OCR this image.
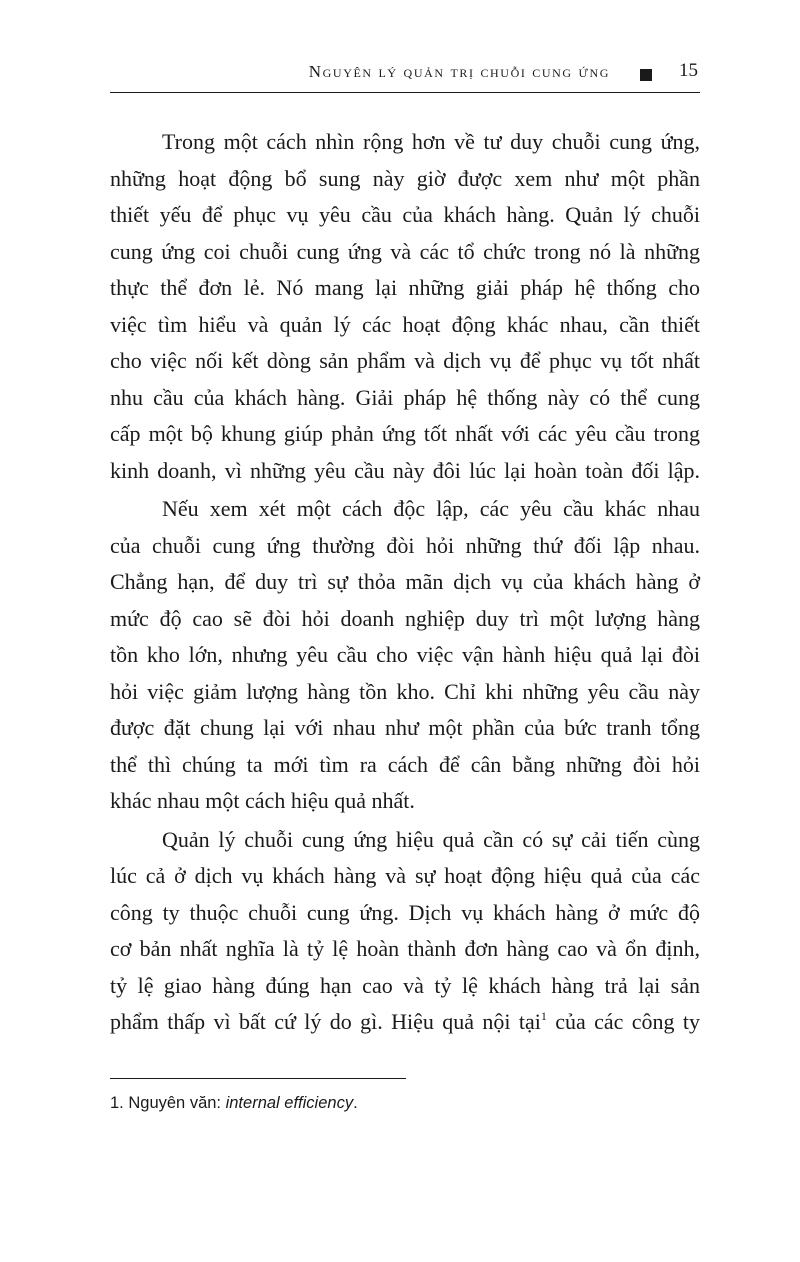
Nguyên lý quản trị chuỗi cung ứng	15
Trong một cách nhìn rộng hơn về tư duy chuỗi cung ứng,
những hoạt động bổ sung này giờ được xem như một phần
thiết yếu để phục vụ yêu cầu của khách hàng. Quản lý chuỗi
cung ứng coi chuỗi cung ứng và các tổ chức trong nó là những
thực thể đơn lẻ. Nó mang lại những giải pháp hệ thống cho
việc tìm hiểu và quản lý các hoạt động khác nhau, cần thiết
cho việc nối kết dòng sản phẩm và dịch vụ để phục vụ tốt nhất
nhu cầu của khách hàng. Giải pháp hệ thống này có thể cung
cấp một bộ khung giúp phản ứng tốt nhất với các yêu cầu trong
kinh doanh, vì những yêu cầu này đôi lúc lại hoàn toàn đối lập.
Nếu xem xét một cách độc lập, các yêu cầu khác nhau
của chuỗi cung ứng thường đòi hỏi những thứ đối lập nhau.
Chẳng hạn, để duy trì sự thỏa mãn dịch vụ của khách hàng ở
mức độ cao sẽ đòi hỏi doanh nghiệp duy trì một lượng hàng
tồn kho lớn, nhưng yêu cầu cho việc vận hành hiệu quả lại đòi
hỏi việc giảm lượng hàng tồn kho. Chỉ khi những yêu cầu này
được đặt chung lại với nhau như một phần của bức tranh tổng
thể thì chúng ta mới tìm ra cách để cân bằng những đòi hỏi
khác nhau một cách hiệu quả nhất.
Quản lý chuỗi cung ứng hiệu quả cần có sự cải tiến cùng
lúc cả ở dịch vụ khách hàng và sự hoạt động hiệu quả của các
công ty thuộc chuỗi cung ứng. Dịch vụ khách hàng ở mức độ
cơ bản nhất nghĩa là tỷ lệ hoàn thành đơn hàng cao và ổn định,
tỷ lệ giao hàng đúng hạn cao và tỷ lệ khách hàng trả lại sản
phẩm thấp vì bất cứ lý do gì. Hiệu quả nội tại$^1$ của các công ty
1. Nguyên văn: internal efficiency.
